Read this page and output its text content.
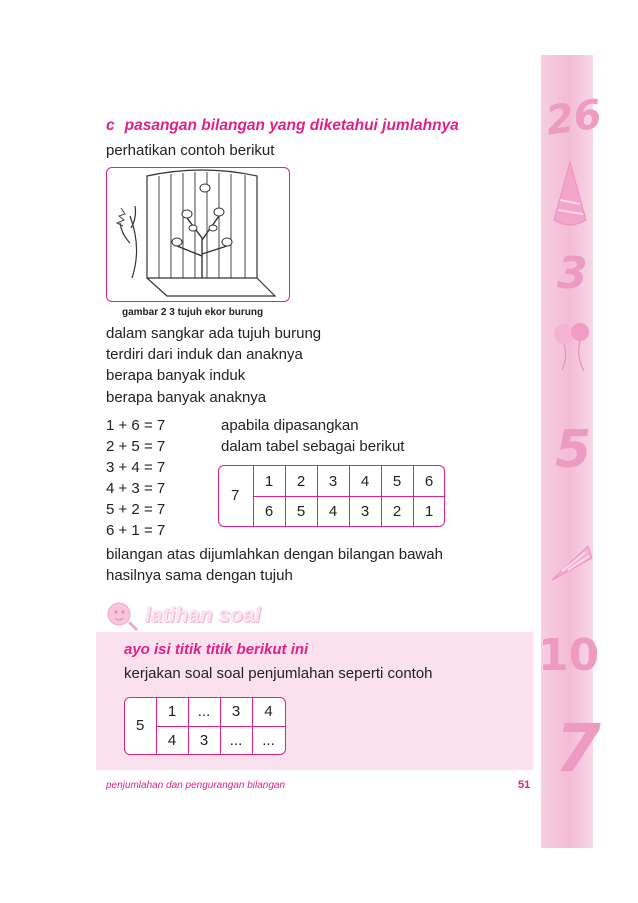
26
3
5
10
7
c pasangan bilangan yang diketahui jumlahnya
perhatikan contoh berikut
gambar 2 3 tujuh ekor burung
dalam sangkar ada tujuh burung
terdiri dari induk dan anaknya
berapa banyak induk
berapa banyak anaknya
1 + 6 = 7
2 + 5 = 7
3 + 4 = 7
4 + 3 = 7
5 + 2 = 7
6 + 1 = 7
apabila dipasangkan
dalam tabel sebagai berikut
7
1	2	3	4	5	6
6	5	4	3	2	1
bilangan atas dijumlahkan dengan bilangan bawah
hasilnya sama dengan tujuh
latihan soal
ayo isi titik titik berikut ini
kerjakan soal soal penjumlahan seperti contoh
5
1	...	3	4
4	3	...	...
penjumlahan dan pengurangan bilangan	51
